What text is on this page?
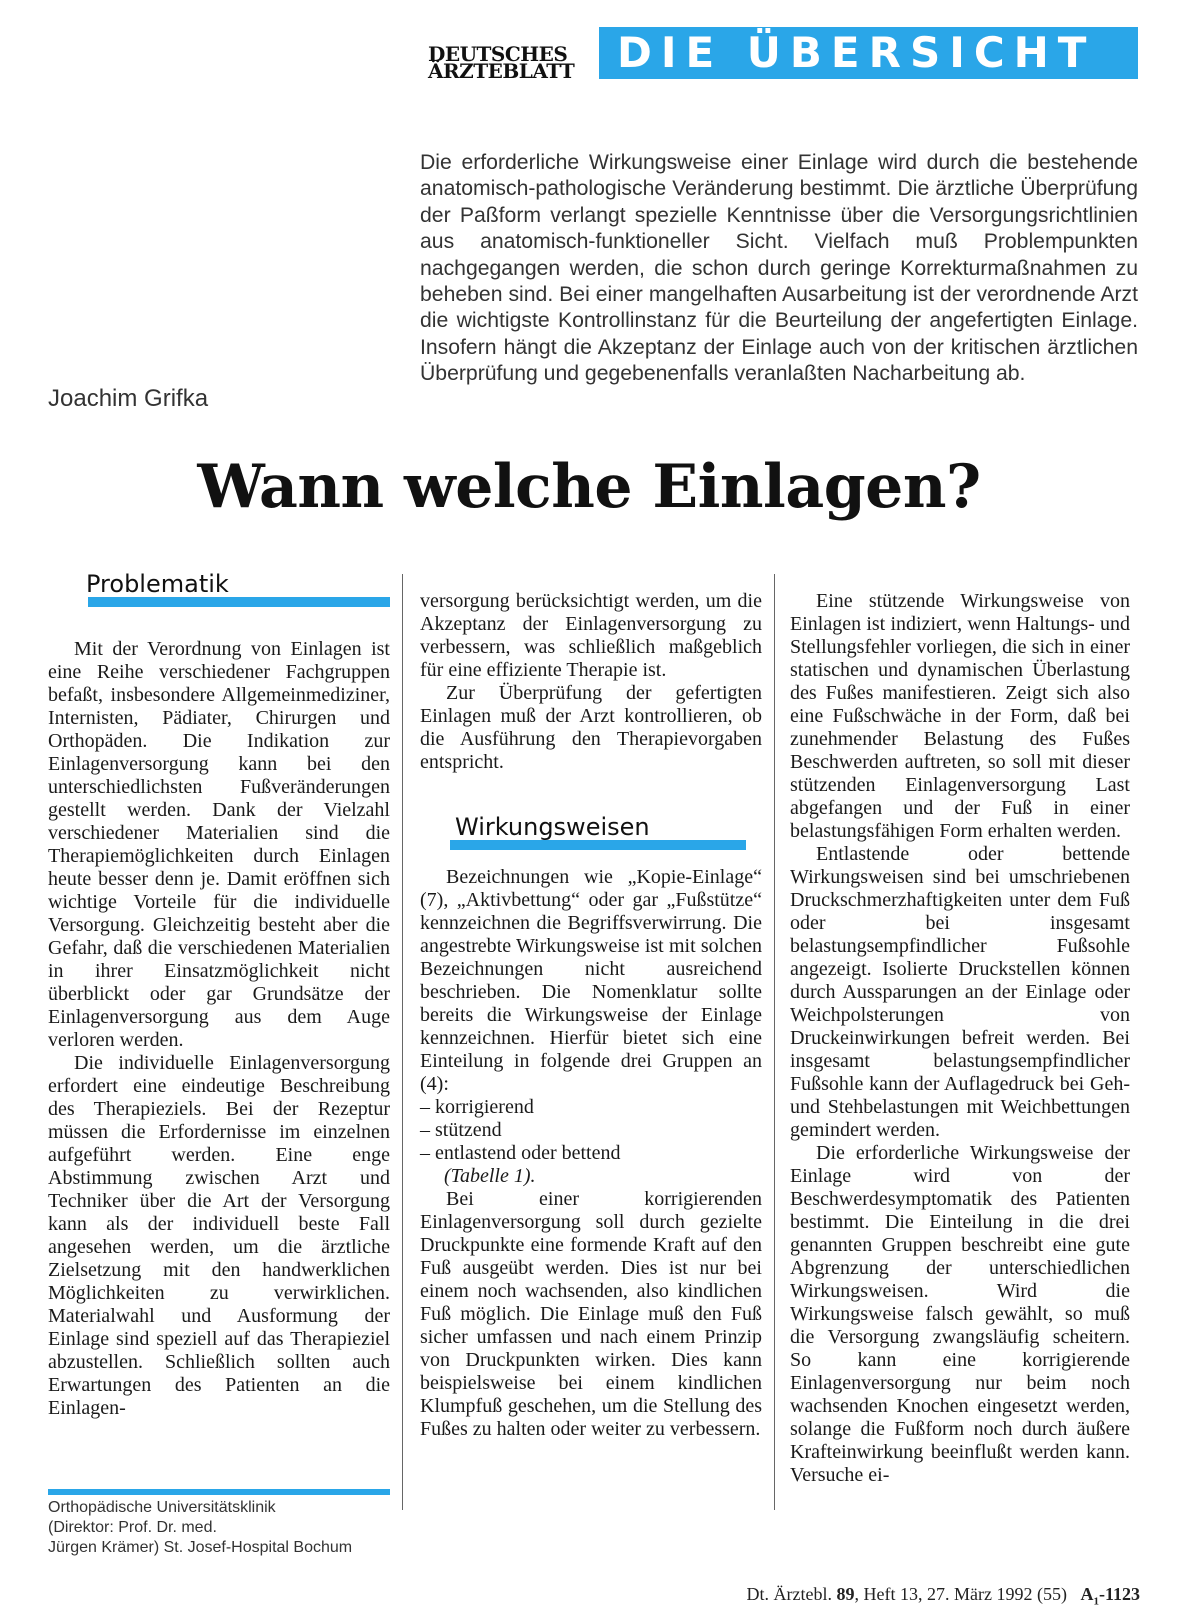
DEUTSCHES
ÄRZTEBLATT	DIE ÜBERSICHT
Die erforderliche Wirkungsweise einer Einlage wird durch die bestehende anatomisch-pathologische Veränderung bestimmt. Die ärztliche Überprüfung der Paßform verlangt spezielle Kenntnisse über die Versorgungsrichtlinien aus anatomisch-funktioneller Sicht. Vielfach muß Problempunkten nachgegangen werden, die schon durch geringe Korrekturmaßnahmen zu beheben sind. Bei einer mangelhaften Ausarbeitung ist der verordnende Arzt die wichtigste Kontrollinstanz für die Beurteilung der angefertigten Einlage. Insofern hängt die Akzeptanz der Einlage auch von der kritischen ärztlichen Überprüfung und gegebenenfalls veranlaßten Nacharbeitung ab.
Joachim Grifka
Wann welche Einlagen?
Problematik

Mit der Verordnung von Einlagen ist eine Reihe verschiedener Fachgruppen befaßt, insbesondere Allgemeinmediziner, Internisten, Pädiater, Chirurgen und Orthopäden. Die Indikation zur Einlagenversorgung kann bei den unterschiedlichsten Fußveränderungen gestellt werden. Dank der Vielzahl verschiedener Materialien sind die Therapiemöglichkeiten durch Einlagen heute besser denn je. Damit eröffnen sich wichtige Vorteile für die individuelle Versorgung. Gleichzeitig besteht aber die Gefahr, daß die verschiedenen Materialien in ihrer Einsatzmöglichkeit nicht überblickt oder gar Grundsätze der Einlagenversorgung aus dem Auge verloren werden.

Die individuelle Einlagenversorgung erfordert eine eindeutige Beschreibung des Therapieziels. Bei der Rezeptur müssen die Erfordernisse im einzelnen aufgeführt werden. Eine enge Abstimmung zwischen Arzt und Techniker über die Art der Versorgung kann als der individuell beste Fall angesehen werden, um die ärztliche Zielsetzung mit den handwerklichen Möglichkeiten zu verwirklichen. Materialwahl und Ausformung der Einlage sind speziell auf das Therapieziel abzustellen. Schließlich sollten auch Erwartungen des Patienten an die Einlagen-

versorgung berücksichtigt werden, um die Akzeptanz der Einlagenversorgung zu verbessern, was schließlich maßgeblich für eine effiziente Therapie ist.

Zur Überprüfung der gefertigten Einlagen muß der Arzt kontrollieren, ob die Ausführung den Therapievorgaben entspricht.

Bezeichnungen wie „Kopie-Einlage“ (7), „Aktivbettung“ oder gar „Fußstütze“ kennzeichnen die Begriffsverwirrung. Die angestrebte Wirkungsweise ist mit solchen Bezeichnungen nicht ausreichend beschrieben. Die Nomenklatur sollte bereits die Wirkungsweise der Einlage kennzeichnen. Hierfür bietet sich eine Einteilung in folgende drei Gruppen an (4):

– korrigierend
– stützend
– entlastend oder bettend
(Tabelle 1).

Bei einer korrigierenden Einlagenversorgung soll durch gezielte Druckpunkte eine formende Kraft auf den Fuß ausgeübt werden. Dies ist nur bei einem noch wachsenden, also kindlichen Fuß möglich. Die Einlage muß den Fuß sicher umfassen und nach einem Prinzip von Druckpunkten wirken. Dies kann beispielsweise bei einem kindlichen Klumpfuß geschehen, um die Stellung des Fußes zu halten oder weiter zu verbessern.

Wirkungsweisen

Eine stützende Wirkungsweise von Einlagen ist indiziert, wenn Haltungs- und Stellungsfehler vorliegen, die sich in einer statischen und dynamischen Überlastung des Fußes manifestieren. Zeigt sich also eine Fußschwäche in der Form, daß bei zunehmender Belastung des Fußes Beschwerden auftreten, so soll mit dieser stützenden Einlagenversorgung Last abgefangen und der Fuß in einer belastungsfähigen Form erhalten werden.

Entlastende oder bettende Wirkungsweisen sind bei umschriebenen Druckschmerzhaftigkeiten unter dem Fuß oder bei insgesamt belastungsempfindlicher Fußsohle angezeigt. Isolierte Druckstellen können durch Aussparungen an der Einlage oder Weichpolsterungen von Druckeinwirkungen befreit werden. Bei insgesamt belastungsempfindlicher Fußsohle kann der Auflagedruck bei Geh- und Stehbelastungen mit Weichbettungen gemindert werden.

Die erforderliche Wirkungsweise der Einlage wird von der Beschwerdesymptomatik des Patienten bestimmt. Die Einteilung in die drei genannten Gruppen beschreibt eine gute Abgrenzung der unterschiedlichen Wirkungsweisen. Wird die Wirkungsweise falsch gewählt, so muß die Versorgung zwangsläufig scheitern. So kann eine korrigierende Einlagenversorgung nur beim noch wachsenden Knochen eingesetzt werden, solange die Fußform noch durch äußere Krafteinwirkung beeinflußt werden kann. Versuche ei-

Orthopädische Universitätsklinik
(Direktor: Prof. Dr. med.
Jürgen Krämer) St. Josef-Hospital Bochum
Dt. Ärztebl. 89, Heft 13, 27. März 1992 (55) $A_1-1123$
